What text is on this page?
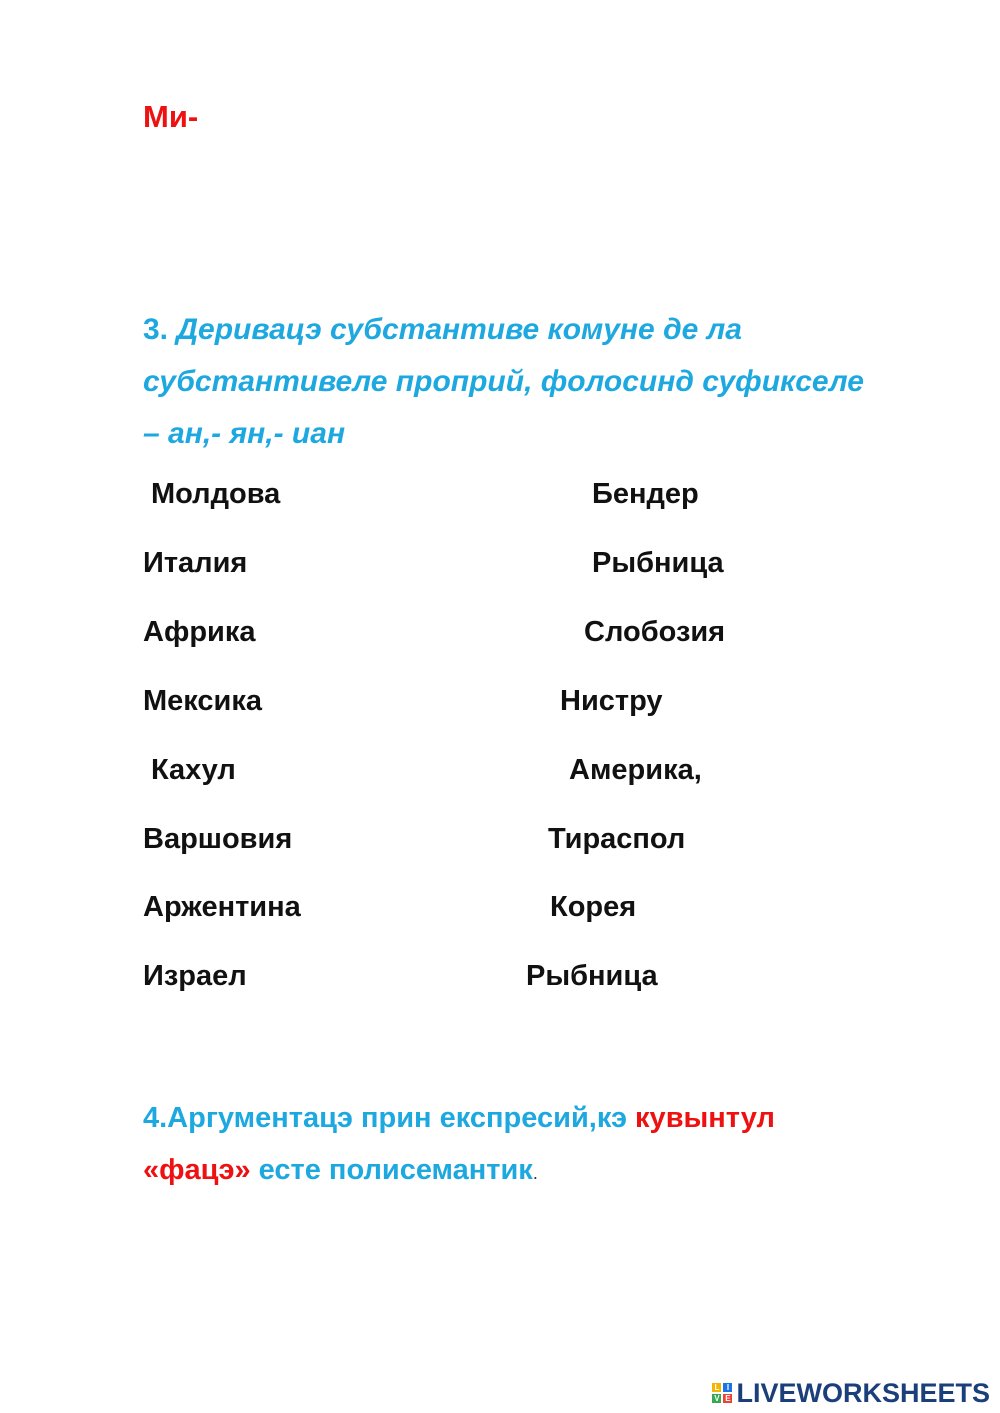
Ми-
3. Деривацэ субстантиве комуне де ла
субстантивеле проприй, фолосинд суфикселе
– ан,- ян,- иан
Молдова
Италия
Африка
Мексика
Кахул
Варшовия
Аржентина
Израел
Бендер
Рыбница
Слобозия
Нистру
Америка,
Тираспол
Корея
Рыбница
4.Аргументацэ прин експресий,кэ кувынтул
«фацэ» есте полисемантик.
L I
V E LIVEWORKSHEETS
